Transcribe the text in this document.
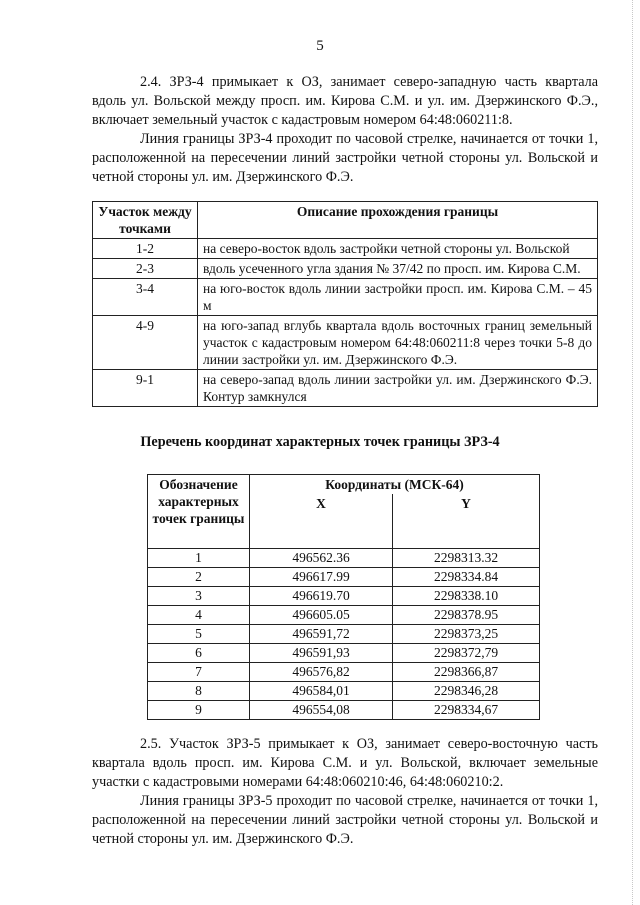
5

2.4. ЗРЗ-4 примыкает к ОЗ, занимает северо-западную часть квартала вдоль ул. Вольской между просп. им. Кирова С.М. и ул. им. Дзержинского Ф.Э., включает земельный участок с кадастровым номером 64:48:060211:8.

Линия границы ЗРЗ-4 проходит по часовой стрелке, начинается от точки 1, расположенной на пересечении линий застройки четной стороны ул. Вольской и четной стороны ул. им. Дзержинского Ф.Э.

Участок между точками	Описание прохождения границы
1-2	на северо-восток вдоль застройки четной стороны ул. Вольской
2-3	вдоль усеченного угла здания № 37/42 по просп. им. Кирова С.М.
3-4	на юго-восток вдоль линии застройки просп. им. Кирова С.М. – 45 м
4-9	на юго-запад вглубь квартала вдоль восточных границ земельный участок с кадастровым номером 64:48:060211:8 через точки 5-8 до линии застройки ул. им. Дзержинского Ф.Э.
9-1	на северо-запад вдоль линии застройки ул. им. Дзержинского Ф.Э. Контур замкнулся
Перечень координат характерных точек границы ЗРЗ-4
Обозначение характерных точек границы	Координаты (МСК-64)	
	X	Y
1	496562.36	2298313.32
2	496617.99	2298334.84
3	496619.70	2298338.10
4	496605.05	2298378.95
5	496591,72	2298373,25
6	496591,93	2298372,79
7	496576,82	2298366,87
8	496584,01	2298346,28
9	496554,08	2298334,67

2.5. Участок ЗРЗ-5 примыкает к ОЗ, занимает северо-восточную часть квартала вдоль просп. им. Кирова С.М. и ул. Вольской, включает земельные участки с кадастровыми номерами 64:48:060210:46, 64:48:060210:2.

Линия границы ЗРЗ-5 проходит по часовой стрелке, начинается от точки 1, расположенной на пересечении линий застройки четной стороны ул. Вольской и четной стороны ул. им. Дзержинского Ф.Э.
